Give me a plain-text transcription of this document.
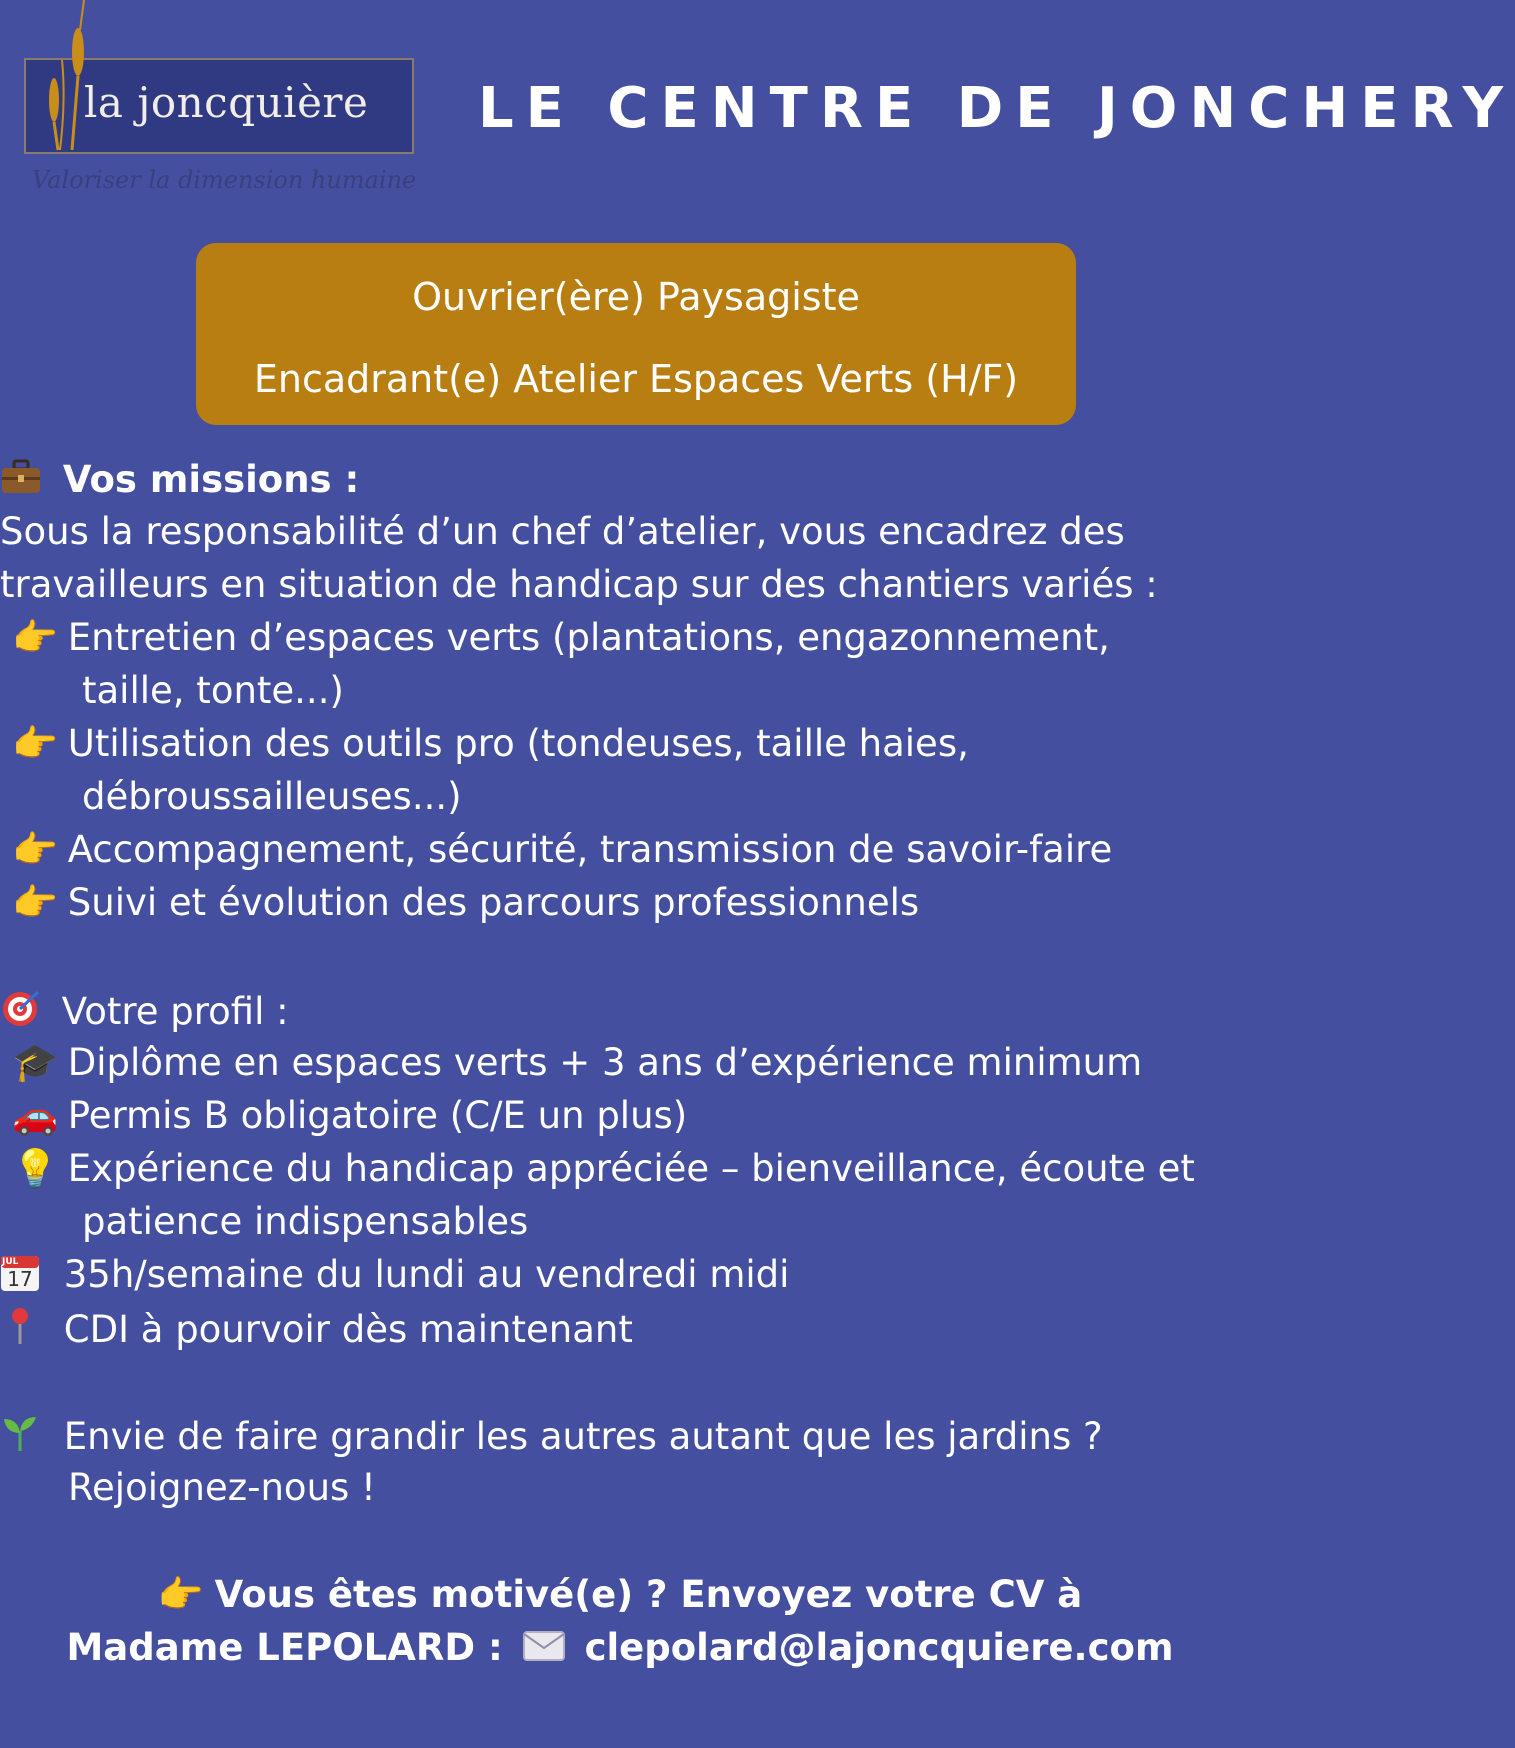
la joncquière
Valoriser la dimension humaine
LE CENTRE DE JONCHERY
Ouvrier(ère) Paysagiste
Encadrant(e) Atelier Espaces Verts (H/F)
Vos missions :
Sous la responsabilité d’un chef d’atelier, vous encadrez des
travailleurs en situation de handicap sur des chantiers variés :
👉 Entretien d’espaces verts (plantations, engazonnement,
taille, tonte...)
👉 Utilisation des outils pro (tondeuses, taille haies,
débroussailleuses...)
👉 Accompagnement, sécurité, transmission de savoir-faire
👉 Suivi et évolution des parcours professionnels
Votre profil :
🎓 Diplôme en espaces verts + 3 ans d’expérience minimum
🚗 Permis B obligatoire (C/E un plus)
💡 Expérience du handicap appréciée – bienveillance, écoute et
patience indispensables
JUL
17 35h/semaine du lundi au vendredi midi
CDI à pourvoir dès maintenant
Envie de faire grandir les autres autant que les jardins ?
Rejoignez-nous !
👉 Vous êtes motivé(e) ? Envoyez votre CV à
Madame LEPOLARD : clepolard@lajoncquiere.com
